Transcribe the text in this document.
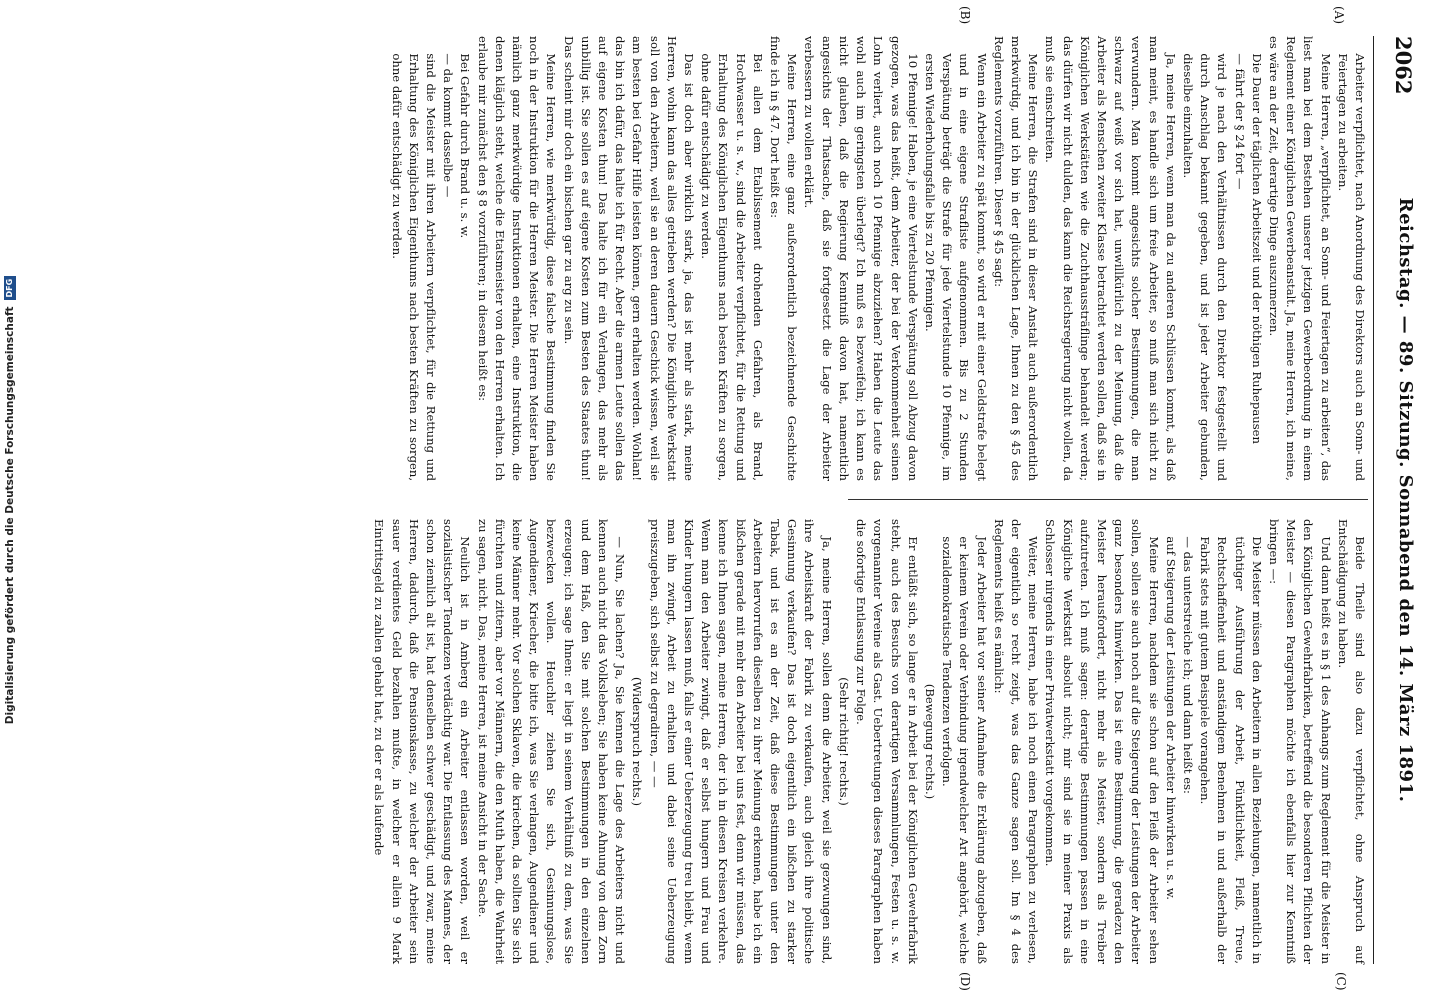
2062
Reichstag. — 89. Sitzung. Sonnabend den 14. März 1891.
(A)
(B)
(C)
(D)

Arbeiter verpflichtet, nach Anordnung des Direktors auch an Sonn- und Feiertagen zu arbeiten.

Meine Herren, „verpflichtet, an Sonn- und Feiertagen zu arbeiten“, das liest man bei dem Bestehen unserer jetzigen Gewerbeordnung in einem Reglement einer Königlichen Gewerbeanstalt. Ja, meine Herren, ich meine, es wäre an der Zeit, derartige Dinge auszumerzen.

Die Dauer der täglichen Arbeitszeit und der nöthigen Ruhepausen

— fährt der § 24 fort —

wird je nach den Verhältnissen durch den Direktor festgestellt und durch Anschlag bekannt gegeben, und ist jeder Arbeiter gebunden, dieselbe einzuhalten.

Ja, meine Herren, wenn man da zu anderen Schlüssen kommt, als daß man meint, es handle sich um freie Arbeiter, so muß man sich nicht zu verwundern. Man kommt angesichts solcher Bestimmungen, die man schwarz auf weiß vor sich hat, unwillkürlich zu der Meinung, daß die Arbeiter als Menschen zweiter Klasse betrachtet werden sollen, daß sie in Königlichen Werkstätten wie die Zuchthaussträflinge behandelt werden; das dürfen wir nicht dulden, das kann die Reichsregierung nicht wollen, da muß sie einschreiten.

Meine Herren, die Strafen sind in dieser Anstalt auch außerordentlich merkwürdig, und ich bin in der glücklichen Lage, Ihnen zu den § 45 des Reglements vorzuführen. Dieser § 45 sagt:

Wenn ein Arbeiter zu spät kommt, so wird er mit einer Geldstrafe belegt und in eine eigene Strafliste aufgenommen. Bis zu 2 Stunden Verspätung beträgt die Strafe für jede Viertelstunde 10 Pfennige, im ersten Wiederholungsfalle bis zu 20 Pfennigen.

10 Pfennige! Haben, je eine Viertelstunde Verspätung soll Abzug davon gezogen, was das heißt, dem Arbeiter, der bei der Verkommenheit seinen Lohn verliert, auch noch 10 Pfennige abzuziehen? Haben die Leute das wohl auch im geringsten überlegt? Ich muß es bezweifeln; ich kann es nicht glauben, daß die Regierung Kenntniß davon hat, namentlich angesichts der Thatsache, daß sie fortgesetzt die Lage der Arbeiter verbessern zu wollen erklärt.

Meine Herren, eine ganz außerordentlich bezeichnende Geschichte finde ich in § 47. Dort heißt es:

Bei allen dem Etablissement drohenden Gefahren, als Brand, Hochwasser u. s. w., sind die Arbeiter verpflichtet, für die Rettung und Erhaltung des Königlichen Eigenthums nach besten Kräften zu sorgen, ohne dafür entschädigt zu werden.

Das ist doch aber wirklich stark, ja, das ist mehr als stark, meine Herren, wohin kann das alles getrieben werden? Die Königliche Werkstatt soll von den Arbeitern, weil sie an deren dauern Geschick wissen, weil sie am besten bei Gefahr Hilfe leisten können, gern erhalten werden. Wohlan! das bin ich dafür, das halte ich für Recht. Aber die armen Leute sollen das auf eigene Kosten thun! Das halte ich für ein Verlangen, das mehr als unbillig ist. Sie sollen es auf eigene Kosten zum Besten des Staates thun! Das scheint mir doch ein bischen gar zu arg zu sein.

Meine Herren, wie merkwürdig, diese falsche Bestimmung finden Sie noch in der Instruktion für die Herren Meister. Die Herren Meister haben nämlich ganz merkwürdige Instruktionen erhalten, eine Instruktion, die denen kläglich steht, welche die Etatsmeister von den Herren erhalten. Ich erlaube mir zunächst den § 8 vorzuführen; in diesem heißt es:

Bei Gefahr durch Brand u. s. w.

— da kommt dasselbe —

sind die Meister mit ihren Arbeitern verpflichtet, für die Rettung und Erhaltung des Königlichen Eigenthums nach besten Kräften zu sorgen, ohne dafür entschädigt zu werden.

Beide Theile sind also dazu verpflichtet, ohne Anspruch auf Entschädigung zu haben.

Und dann heißt es in § 1 des Anhangs zum Reglement für die Meister in den Königlichen Gewehrfabriken, betreffend die besonderen Pflichten der Meister — diesen Paragraphen möchte ich ebenfalls hier zur Kenntniß bringen —:

Die Meister müssen den Arbeitern in allen Beziehungen, namentlich in tüchtiger Ausführung der Arbeit, Pünktlichkeit, Fleiß, Treue, Rechtschaffenheit und anständigem Benehmen in und außerhalb der Fabrik stets mit gutem Beispiele vorangehen.

— das unterstreiche ich; und dann heißt es:

auf Steigerung der Leistungen der Arbeiter hinwirken u. s. w.

Meine Herren, nachdem sie schon auf den Fleiß der Arbeiter sehen sollen, sollen sie auch noch auf die Steigerung der Leistungen der Arbeiter ganz besonders hinwirken. Das ist eine Bestimmung, die geradezu den Meister herausfordert, nicht mehr als Meister, sondern als Treiber aufzutreten. Ich muß sagen: derartige Bestimmungen passen in eine Königliche Werkstatt absolut nicht; mir sind sie in meiner Praxis als Schlosser nirgends in einer Privatwerkstatt vorgekommen.

Weiter, meine Herren, habe ich noch einen Paragraphen zu verlesen, der eigentlich so recht zeigt, was das Ganze sagen soll. Im § 4 des Reglements heißt es nämlich:

Jeder Arbeiter hat vor seiner Aufnahme die Erklärung abzugeben, daß er keinem Verein oder Verbindung irgendwelcher Art angehört, welche sozialdemokratische Tendenzen verfolgen.

(Bewegung rechts.)

Er entläßt sich, so lange er in Arbeit bei der Königlichen Gewehrfabrik steht, auch des Besuchs von derartigen Versammlungen, Festen u. s. w. vorgenannter Vereine als Gast. Uebertretungen dieses Paragraphen haben die sofortige Entlassung zur Folge.

(Sehr richtig! rechts.)

Ja, meine Herren, sollen denn die Arbeiter, weil sie gezwungen sind, ihre Arbeitskraft der Fabrik zu verkaufen, auch gleich ihre politische Gesinnung verkaufen? Das ist doch eigentlich ein bißchen zu starker Tabak, und ist es an der Zeit, daß diese Bestimmungen unter den Arbeitern hervorrufen dieselben zu ihrer Meinung erkennen, habe ich ein bißchen gerade mit mehr den Arbeiter bei uns fest, denn wir müssen, das kenne ich Ihnen sagen, meine Herren, der ich in diesen Kreisen verkehre. Wenn man den Arbeiter zwingt, daß er selbst hungern und Frau und Kinder hungern lassen muß, falls er einer Ueberzeugung treu bleibt, wenn man ihn zwingt, Arbeit zu erhalten und dabei seine Ueberzeugung preiszugeben, sich selbst zu degradiren, — —

(Widerspruch rechts.)

— Nun, Sie lachen? Ja, Sie kennen die Lage des Arbeiters nicht und kennen auch nicht das Volksleben; Sie haben keine Ahnung von dem Zorn und dem Haß, den Sie mit solchen Bestimmungen in den einzelnen erzeugen; ich sage Ihnen: er liegt in seinem Verhältniß zu dem, was Sie bezwecken wollen. Heuchler ziehen Sie sich, Gesinnungslose, Augendiener, Kriecher, die bitte ich, was Sie verlangen, Augendiener und keine Männer mehr. Vor solchen Sklaven, die kriechen, da sollten Sie sich fürchten und zittern, aber vor Männern, die den Muth haben, die Wahrheit zu sagen, nicht. Das, meine Herren, ist meine Ansicht in der Sache.

Neulich ist in Amberg ein Arbeiter entlassen worden, weil er sozialistischer Tendenzen verdächtig war. Die Entlassung des Mannes, der schon ziemlich alt ist, hat denselben schwer geschädigt, und zwar, meine Herren, dadurch, daß die Pensionskasse, zu welcher der Arbeiter sein sauer verdientes Geld bezahlen mußte, in welcher er allein 9 Mark Eintrittsgeld zu zahlen gehabt hat, zu der er als laufende

Digitalisierung gefördert durch die Deutsche ForschungsgemeinschaftDFG
